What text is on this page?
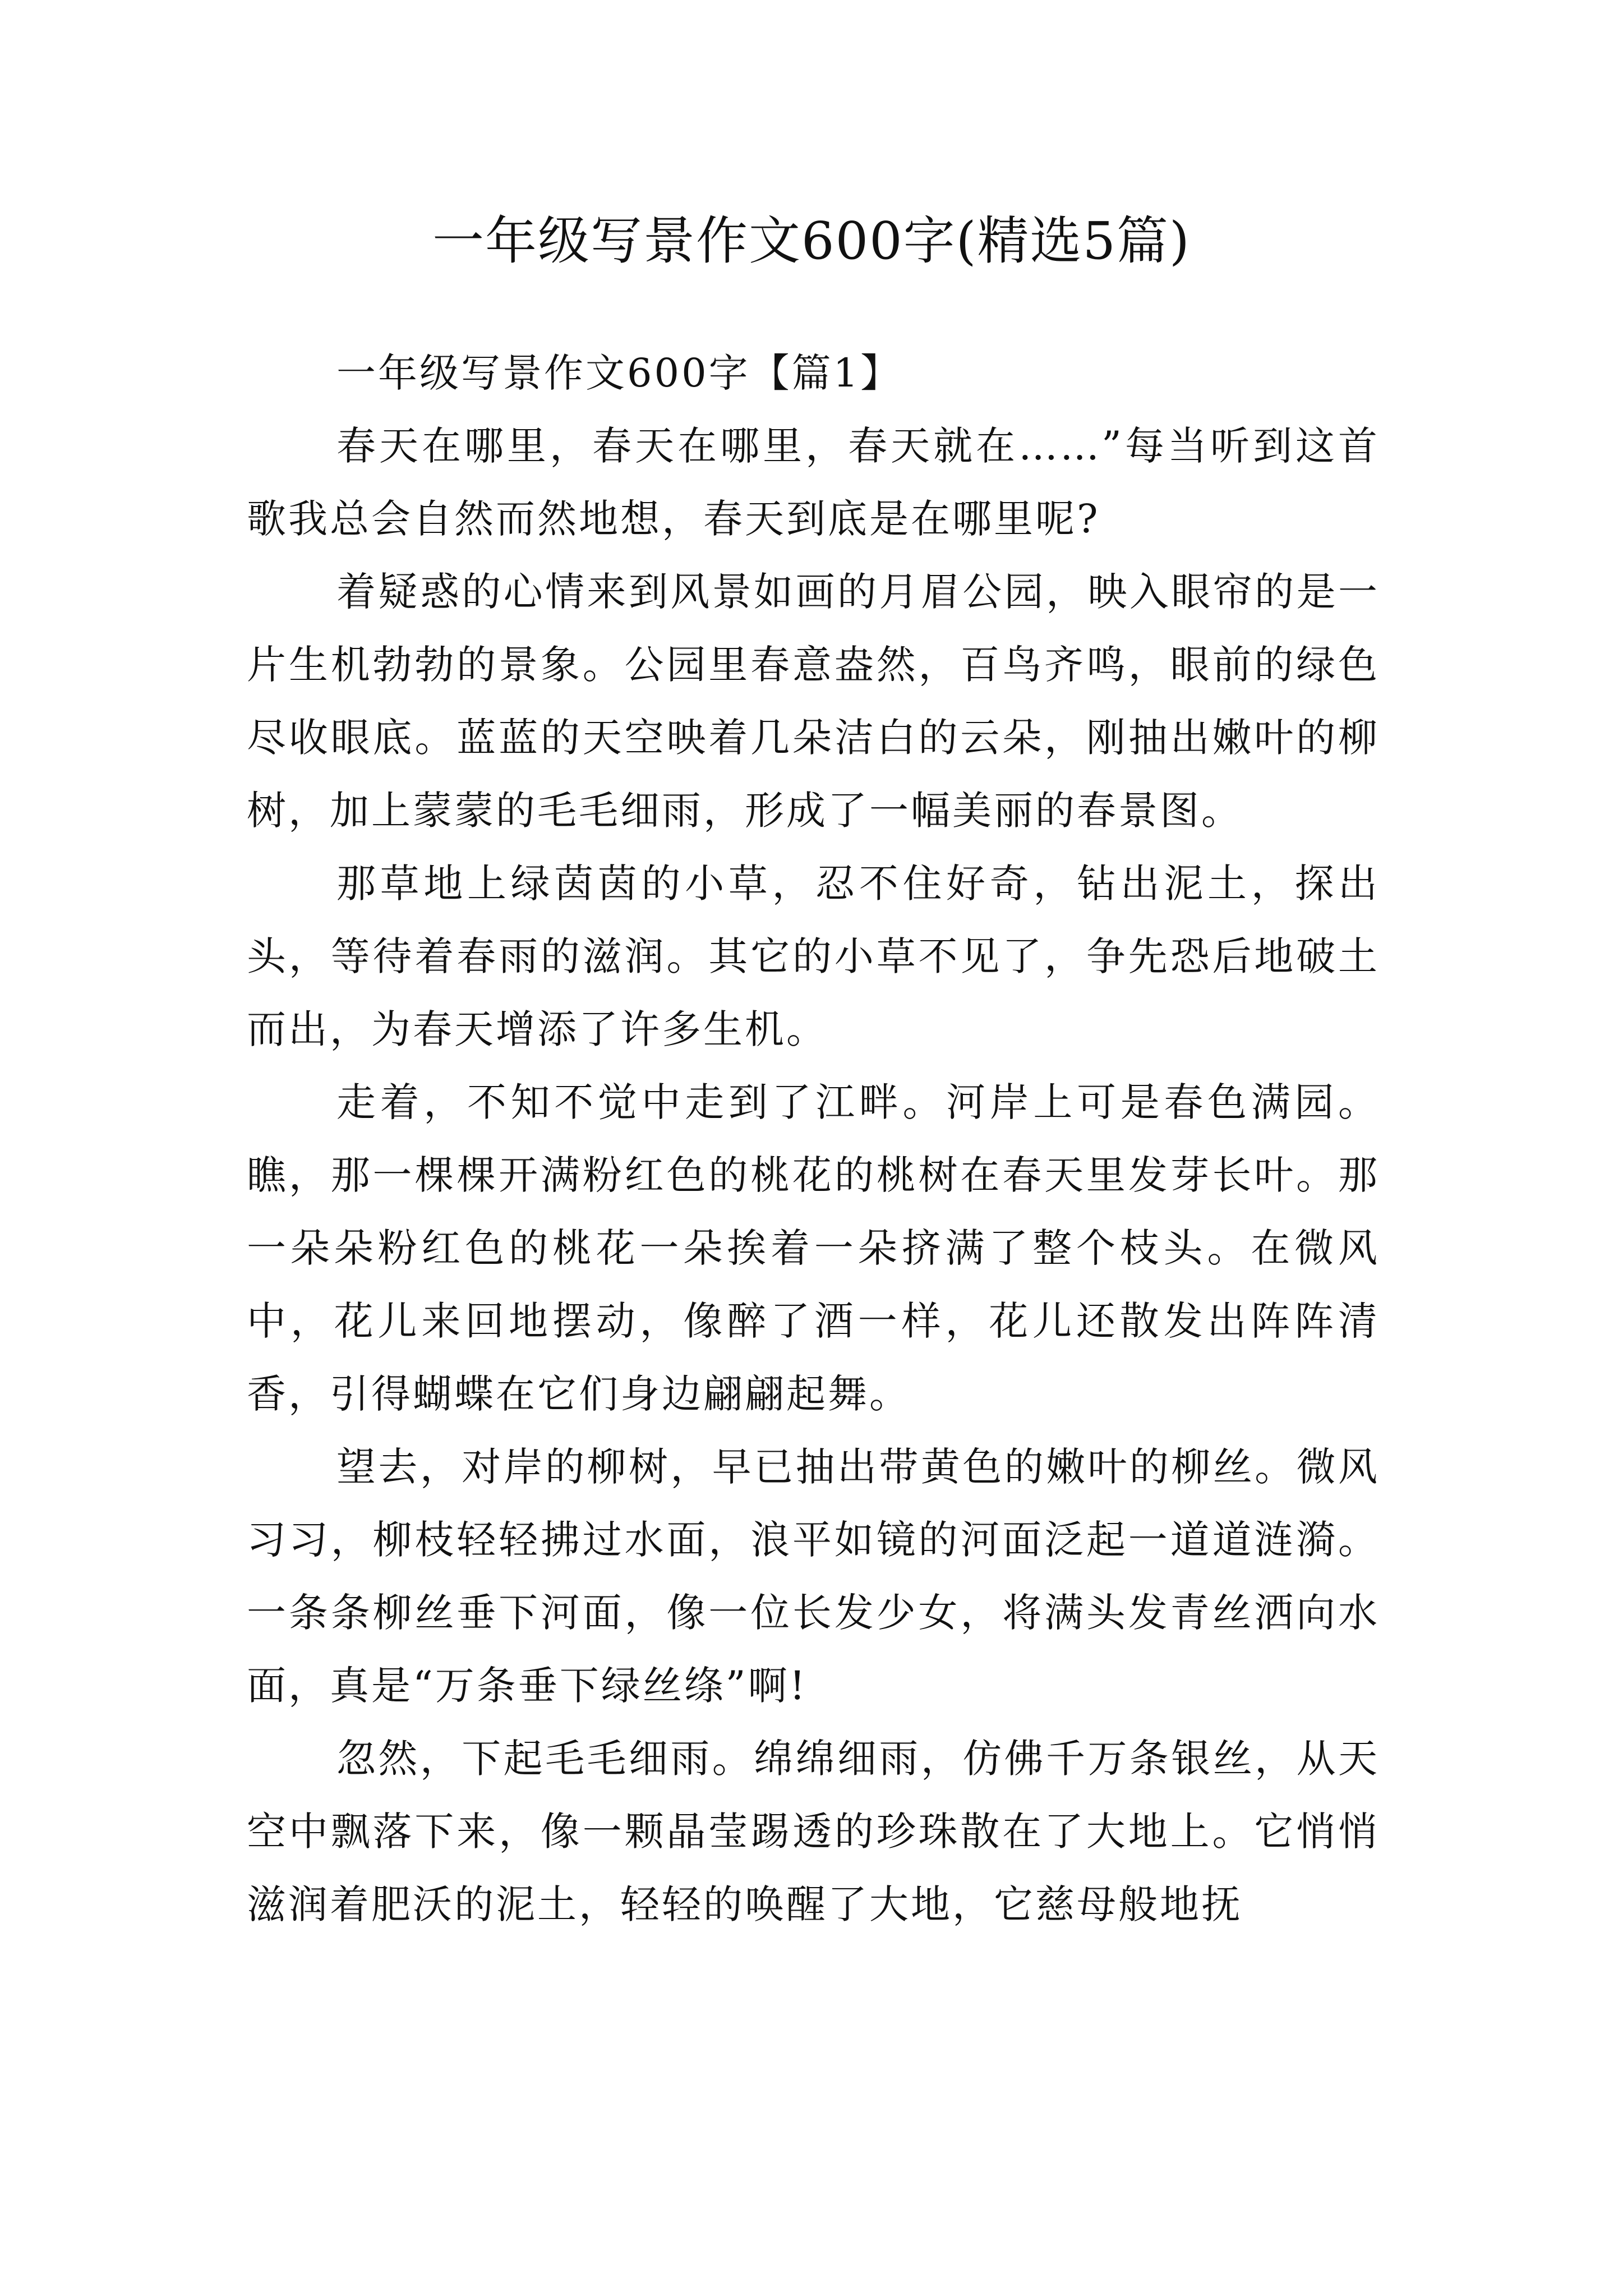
一年级写景作文600字(精选5篇)

一年级写景作文600字【篇1】

春天在哪里，春天在哪里，春天就在……”每当听到这首歌我总会自然而然地想，春天到底是在哪里呢?

着疑惑的心情来到风景如画的月眉公园，映入眼帘的是一片生机勃勃的景象。公园里春意盎然，百鸟齐鸣，眼前的绿色尽收眼底。蓝蓝的天空映着几朵洁白的云朵，刚抽出嫩叶的柳树，加上蒙蒙的毛毛细雨，形成了一幅美丽的春景图。

那草地上绿茵茵的小草，忍不住好奇，钻出泥土，探出头，等待着春雨的滋润。其它的小草不见了，争先恐后地破土而出，为春天增添了许多生机。

走着，不知不觉中走到了江畔。河岸上可是春色满园。瞧，那一棵棵开满粉红色的桃花的桃树在春天里发芽长叶。那一朵朵粉红色的桃花一朵挨着一朵挤满了整个枝头。在微风中，花儿来回地摆动，像醉了酒一样，花儿还散发出阵阵清香，引得蝴蝶在它们身边翩翩起舞。

望去，对岸的柳树，早已抽出带黄色的嫩叶的柳丝。微风习习，柳枝轻轻拂过水面，浪平如镜的河面泛起一道道涟漪。一条条柳丝垂下河面，像一位长发少女，将满头发青丝洒向水面，真是“万条垂下绿丝绦”啊!

忽然，下起毛毛细雨。绵绵细雨，仿佛千万条银丝，从天空中飘落下来，像一颗晶莹踢透的珍珠散在了大地上。它悄悄滋润着肥沃的泥土，轻轻的唤醒了大地，它慈母般地抚
